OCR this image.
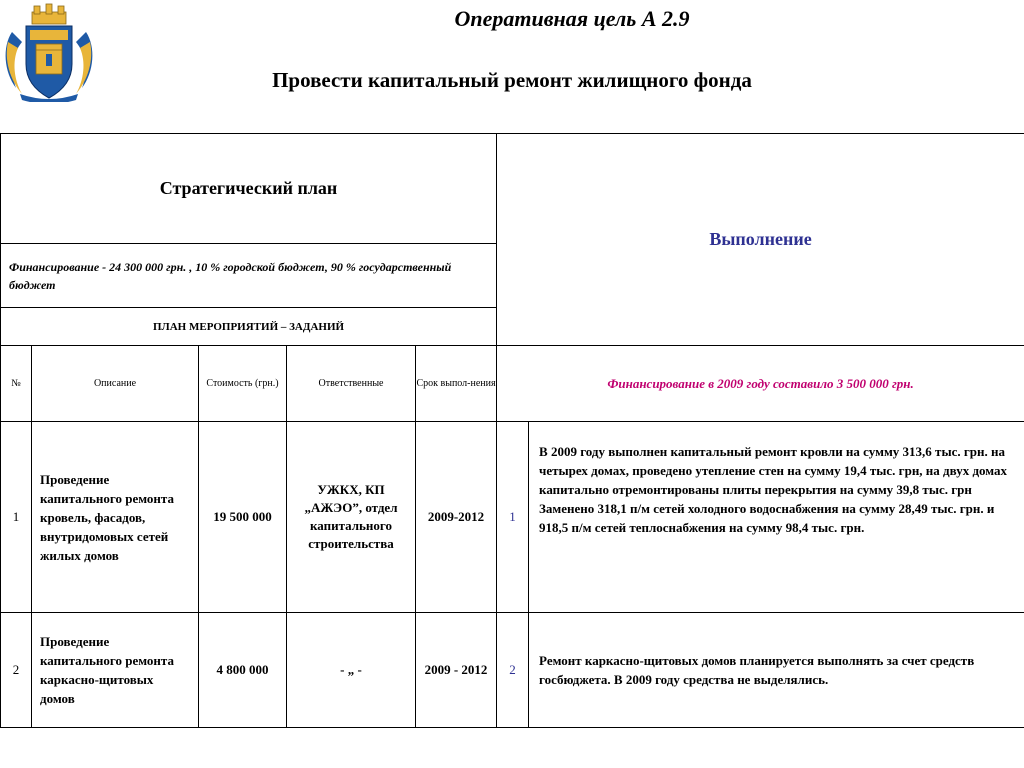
Оперативная цель А 2.9
Провести капитальный ремонт жилищного фонда
Стратегический план					Выполнение	
Финансирование - 24 300 000 грн. , 10 % городской бюджет, 90 % государственный бюджет						
ПЛАН МЕРОПРИЯТИЙ – ЗАДАНИЙ						
№	Описание	Стоимость (грн.)	Ответственные	Срок выпол-нения	Финансирование в 2009 году составило 3 500 000 грн.	
1	Проведение капитального ремонта кровель, фасадов, внутридомовых сетей жилых домов	19 500 000	УЖКХ, КП „АЖЭО”, отдел капитального строительства	2009-2012	1	В 2009 году выполнен капитальный ремонт кровли на сумму 313,6 тыс. грн. на четырех домах, проведено утепление стен на сумму 19,4 тыс. грн, на двух домах капитально отремонтированы плиты перекрытия на сумму 39,8 тыс. грн
Заменено 318,1 п/м сетей холодного водоснабжения на сумму 28,49 тыс. грн. и 918,5 п/м сетей теплоснабжения на сумму 98,4 тыс. грн.

2	Проведение капитального ремонта каркасно-щитовых домов	4 800 000	- „ -	2009 - 2012	2	Ремонт каркасно-щитовых домов планируется выполнять за счет средств госбюджета. В 2009 году средства не выделялись.
